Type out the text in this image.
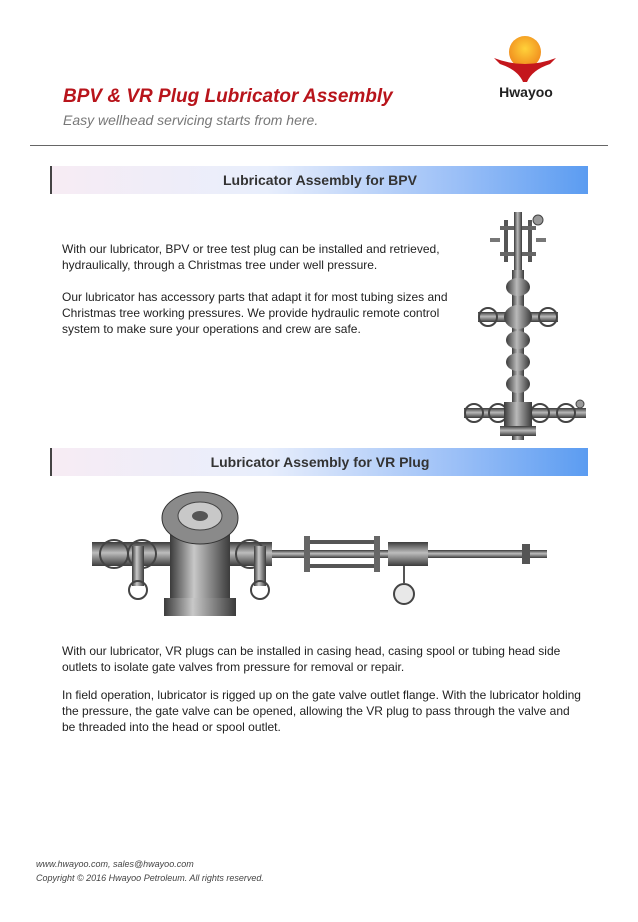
BPV & VR Plug Lubricator Assembly
Easy wellhead servicing starts from here.
Hwayoo
Lubricator Assembly for BPV
With our lubricator, BPV or tree test plug can be installed and retrieved, hydraulically, through a Christmas tree under well pressure.
Our lubricator has accessory parts that adapt it for most tubing sizes and Christmas tree working pressures. We provide hydraulic remote control system to make sure your operations and crew are safe.
Lubricator Assembly for VR Plug
With our lubricator, VR plugs can be installed in casing head, casing spool or tubing head side outlets to isolate gate valves from pressure for removal or repair.
In field operation, lubricator is rigged up on the gate valve outlet flange. With the lubricator holding the pressure, the gate valve can be opened, allowing the VR plug to pass through the valve and be threaded into the head or spool outlet.
www.hwayoo.com, sales@hwayoo.com
Copyright © 2016 Hwayoo Petroleum. All rights reserved.
